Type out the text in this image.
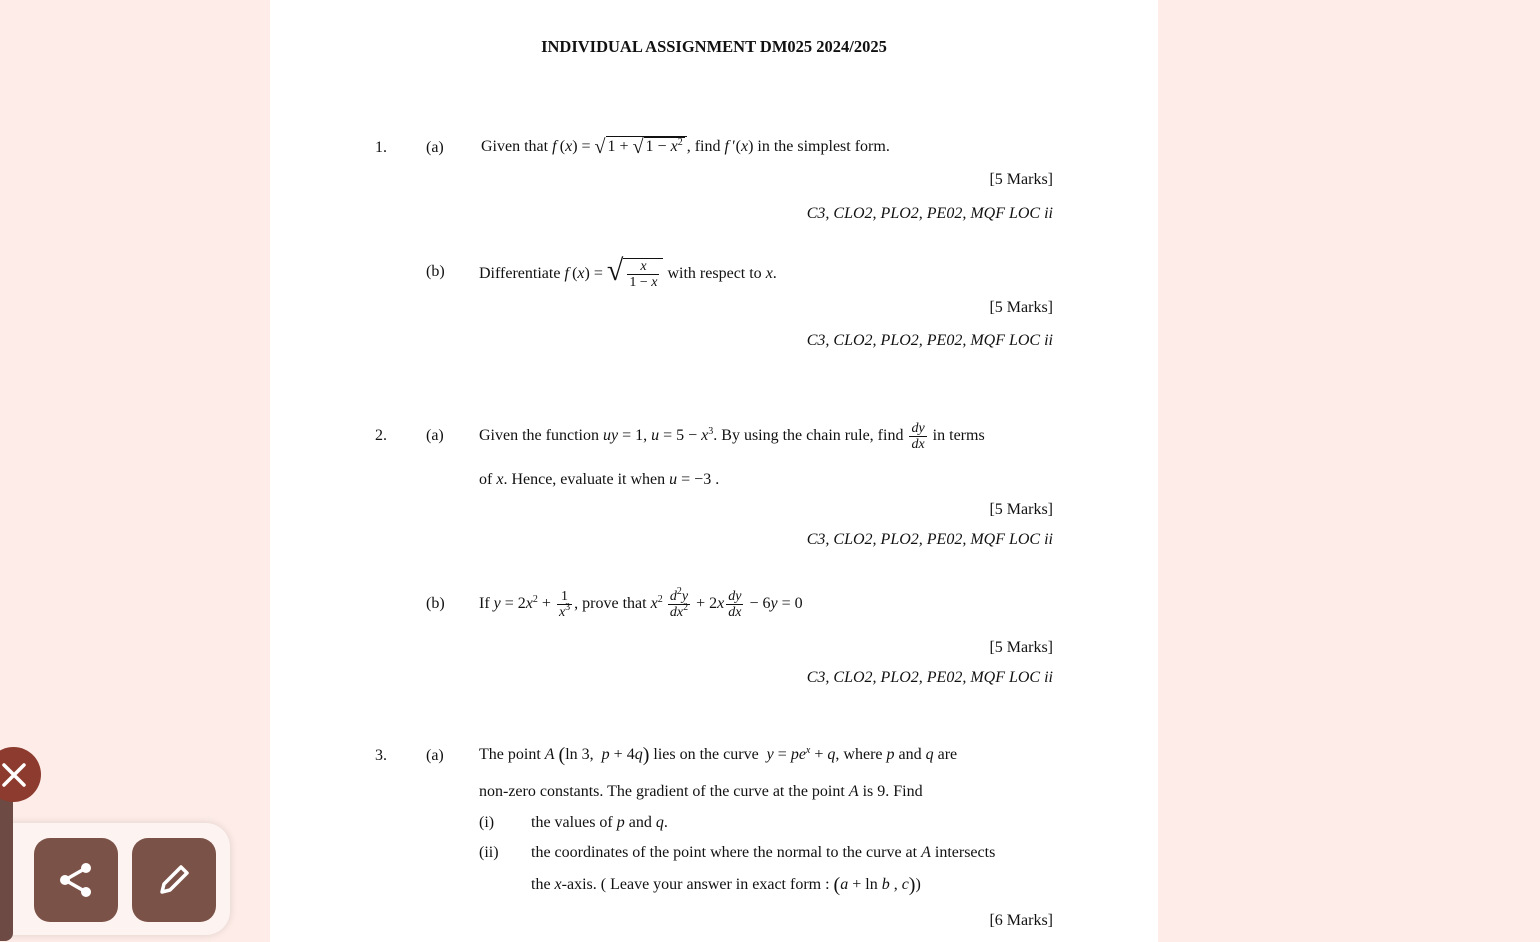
INDIVIDUAL ASSIGNMENT DM025 2024/2025
1. (a) Given that f (x) = √ 1 + √ $1 - x^2$ , find f ′(x) in the simplest form.
[5 Marks]
C3, CLO2, PLO2, PE02, MQF LOC ii
(b) Differentiate f (x) = √ $\frac{x}{1 - x}$ with respect to x.
[5 Marks]
C3, CLO2, PLO2, PE02, MQF LOC ii
2. (a) Given the function uy = 1, $u = 5 - x^3$. By using the chain rule, find $\frac{dy}{dx}$ in terms
of x. Hence, evaluate it when u = −3 .
[5 Marks]
C3, CLO2, PLO2, PE02, MQF LOC ii
(b) If $y = 2x^2 + \frac{1}{x^3}$ , prove that $x^2 \frac{d^2y}{dx^2} + 2x \frac{dy}{dx} - 6y = 0$
[5 Marks]
C3, CLO2, PLO2, PE02, MQF LOC ii
3. (a) The point A (ln 3,  p + 4q) lies on the curve $y = pe^x + q$, where p and q are
non-zero constants. The gradient of the curve at the point A is 9. Find
(i) the values of p and q.
(ii) the coordinates of the point where the normal to the curve at A intersects
the x-axis. ( Leave your answer in exact form : (a + ln b , c))
[6 Marks]
